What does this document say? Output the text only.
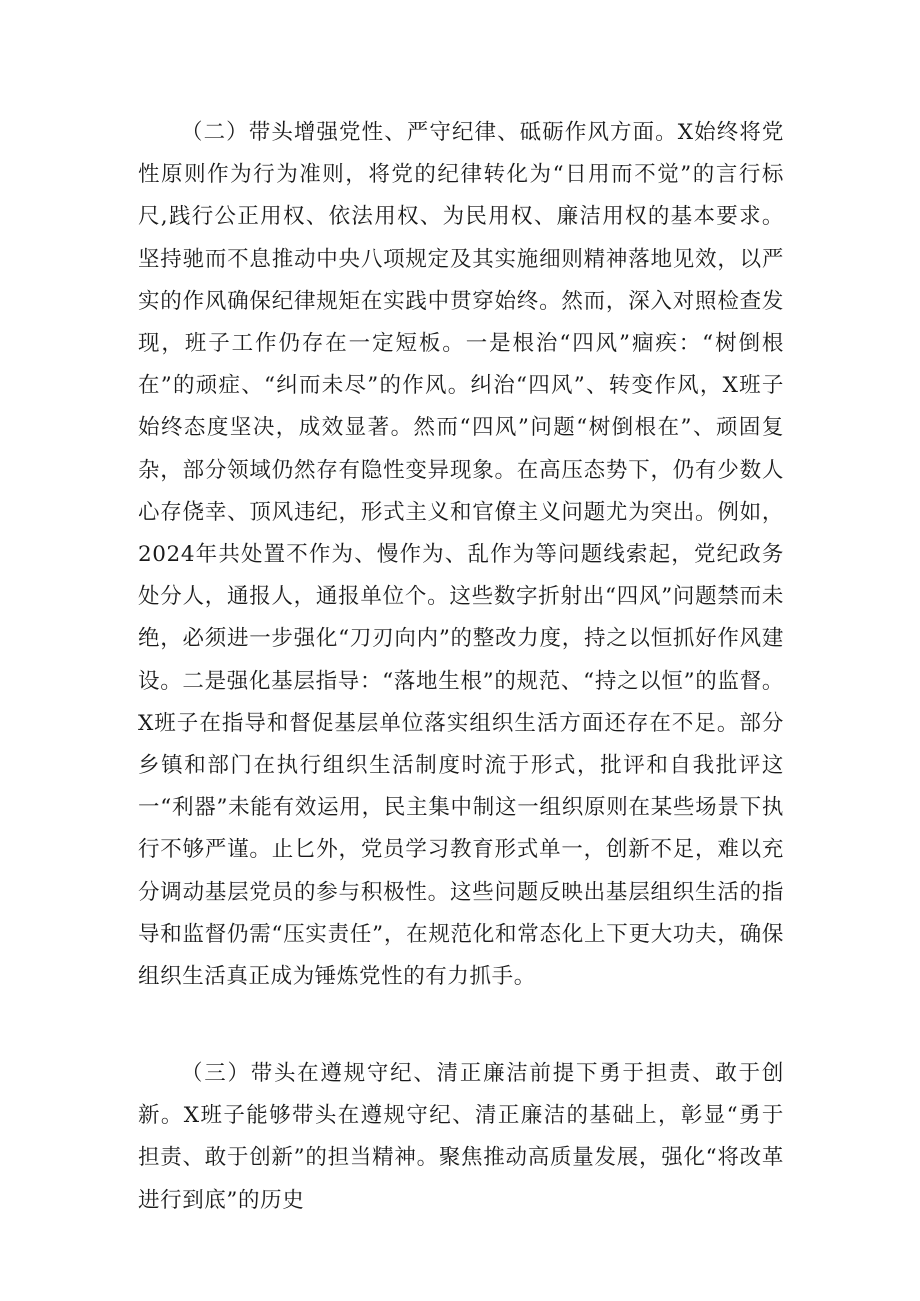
（二）带头增强党性、严守纪律、砥砺作风方面。X始终将党性原则作为行为准则，将党的纪律转化为“日用而不觉”的言行标尺,践行公正用权、依法用权、为民用权、廉洁用权的基本要求。坚持驰而不息推动中央八项规定及其实施细则精神落地见效，以严实的作风确保纪律规矩在实践中贯穿始终。然而，深入对照检查发现，班子工作仍存在一定短板。一是根治“四风”痼疾：“树倒根在”的顽症、“纠而未尽”的作风。纠治“四风”、转变作风，X班子始终态度坚决，成效显著。然而“四风”问题“树倒根在”、顽固复杂，部分领域仍然存有隐性变异现象。在高压态势下，仍有少数人心存侥幸、顶风违纪，形式主义和官僚主义问题尤为突出。例如，2024年共处置不作为、慢作为、乱作为等问题线索起，党纪政务处分人，通报人，通报单位个。这些数字折射出“四风”问题禁而未绝，必须进一步强化“刀刃向内”的整改力度，持之以恒抓好作风建设。二是强化基层指导：“落地生根”的规范、“持之以恒”的监督。X班子在指导和督促基层单位落实组织生活方面还存在不足。部分乡镇和部门在执行组织生活制度时流于形式，批评和自我批评这一“利器”未能有效运用，民主集中制这一组织原则在某些场景下执行不够严谨。止匕外，党员学习教育形式单一，创新不足，难以充分调动基层党员的参与积极性。这些问题反映出基层组织生活的指导和监督仍需“压实责任”，在规范化和常态化上下更大功夫，确保组织生活真正成为锤炼党性的有力抓手。

（三）带头在遵规守纪、清正廉洁前提下勇于担责、敢于创新。X班子能够带头在遵规守纪、清正廉洁的基础上，彰显“勇于担责、敢于创新”的担当精神。聚焦推动高质量发展，强化“将改革进行到底”的历史
